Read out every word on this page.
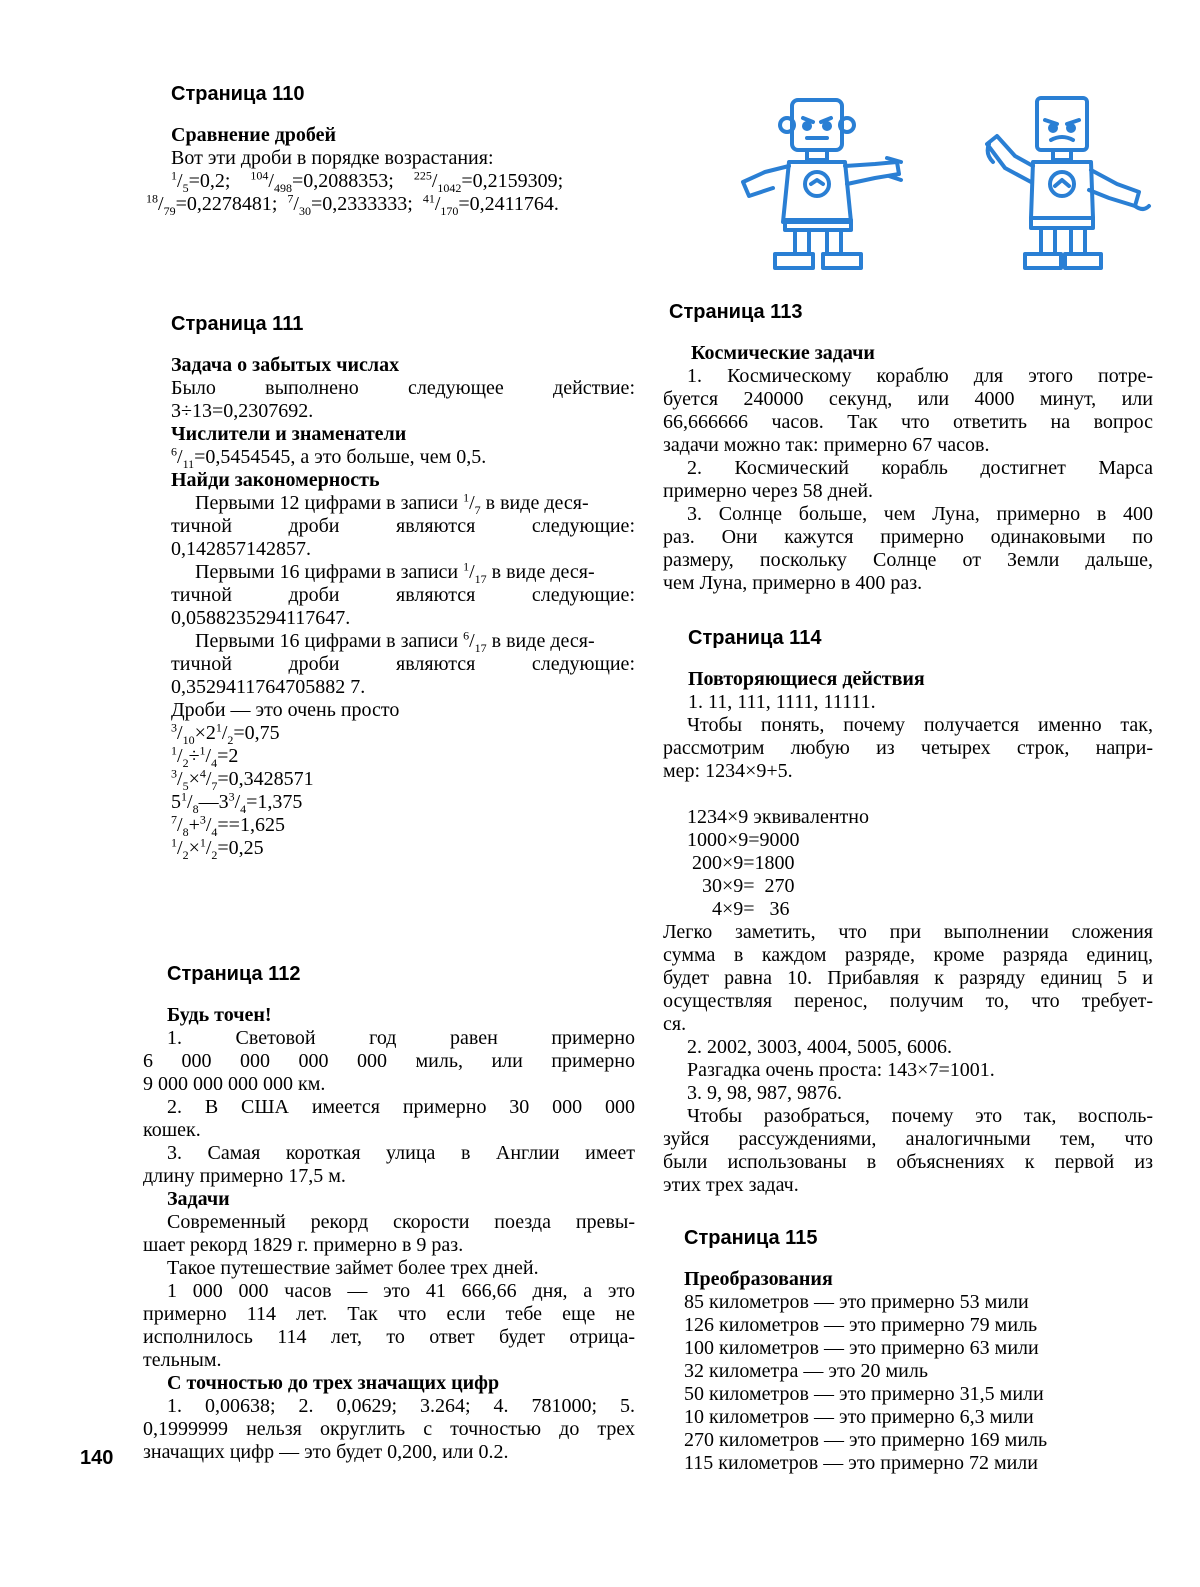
140
Страница 110

Сравнение дробей

Вот эти дроби в порядке возрастания:

$^1/_5=0,2$; $^{104}/_{498}=0,2088353$; $^{225}/_{1042}=0,2159309$;

$^{18}/_{79}=0,2278481$; $^7/_{30}=0,2333333$; $^{41}/_{170}=0,2411764$.

Страница 111

Задача о забытых числах

Было выполнено следующее действие:

3÷13=0,2307692.

Числители и знаменатели

$^6/_{11}=0,5454545$, а это больше, чем 0,5.

Найди закономерность

Первыми 12 цифрами в записи $^1/_7$ в виде деся-

тичной дроби являются следующие:

0,142857142857.

Первыми 16 цифрами в записи $^1/_{17}$ в виде деся-

тичной дроби являются следующие:

0,0588235294117647.

Первыми 16 цифрами в записи $^6/_{17}$ в виде деся-

тичной дроби являются следующие:

0,3529411764705882 7.

Дроби — это очень просто

$^3/_{10}\times 2^1/_2=0,75$

$^1/_2\div^1/_4=2$

$^3/_5\times^4/_7=0,3428571$

$5^1/_8—3^3/_4=1,375$

$^7/_8+^3/_4==1,625$

$^1/_2\times^1/_2=0,25$

Страница 112

Будь точен!

1. Световой год равен примерно

6 000 000 000 000 миль, или примерно

9 000 000 000 000 км.

2. В США имеется примерно 30 000 000

кошек.

3. Самая короткая улица в Англии имеет

длину примерно 17,5 м.

Задачи

Современный рекорд скорости поезда превы-

шает рекорд 1829 г. примерно в 9 раз.

Такое путешествие займет более трех дней.

1 000 000 часов — это 41 666,66 дня, а это

примерно 114 лет. Так что если тебе еще не

исполнилось 114 лет, то ответ будет отрица-

тельным.

С точностью до трех значащих цифр

1. 0,00638; 2. 0,0629; 3.264; 4. 781000; 5.

0,1999999 нельзя округлить с точностью до трех

значащих цифр — это будет 0,200, или 0.2.

Страница 113

Космические задачи

1. Космическому кораблю для этого потре-

буется 240000 секунд, или 4000 минут, или

66,666666 часов. Так что ответить на вопрос

задачи можно так: примерно 67 часов.

2. Космический корабль достигнет Марса

примерно через 58 дней.

3. Солнце больше, чем Луна, примерно в 400

раз. Они кажутся примерно одинаковыми по

размеру, поскольку Солнце от Земли дальше,

чем Луна, примерно в 400 раз.

Страница 114

Повторяющиеся действия

1. 11, 111, 1111, 11111.

Чтобы понять, почему получается именно так,

рассмотрим любую из четырех строк, напри-

мер: 1234×9+5.

1234×9 эквивалентно

1000×9=9000

200×9=1800

30×9=  270

4×9=   36

Легко заметить, что при выполнении сложения

сумма в каждом разряде, кроме разряда единиц,

будет равна 10. Прибавляя к разряду единиц 5 и

осуществляя перенос, получим то, что требует-

ся.

2. 2002, 3003, 4004, 5005, 6006.

Разгадка очень проста: 143×7=1001.

3. 9, 98, 987, 9876.

Чтобы разобраться, почему это так, восполь-

зуйся рассуждениями, аналогичными тем, что

были использованы в объяснениях к первой из

этих трех задач.

Страница 115

Преобразования

85 километров — это примерно 53 мили

126 километров — это примерно 79 миль

100 километров — это примерно 63 мили

32 километра — это 20 миль

50 километров — это примерно 31,5 мили

10 километров — это примерно 6,3 мили

270 километров — это примерно 169 миль

115 километров — это примерно 72 мили
